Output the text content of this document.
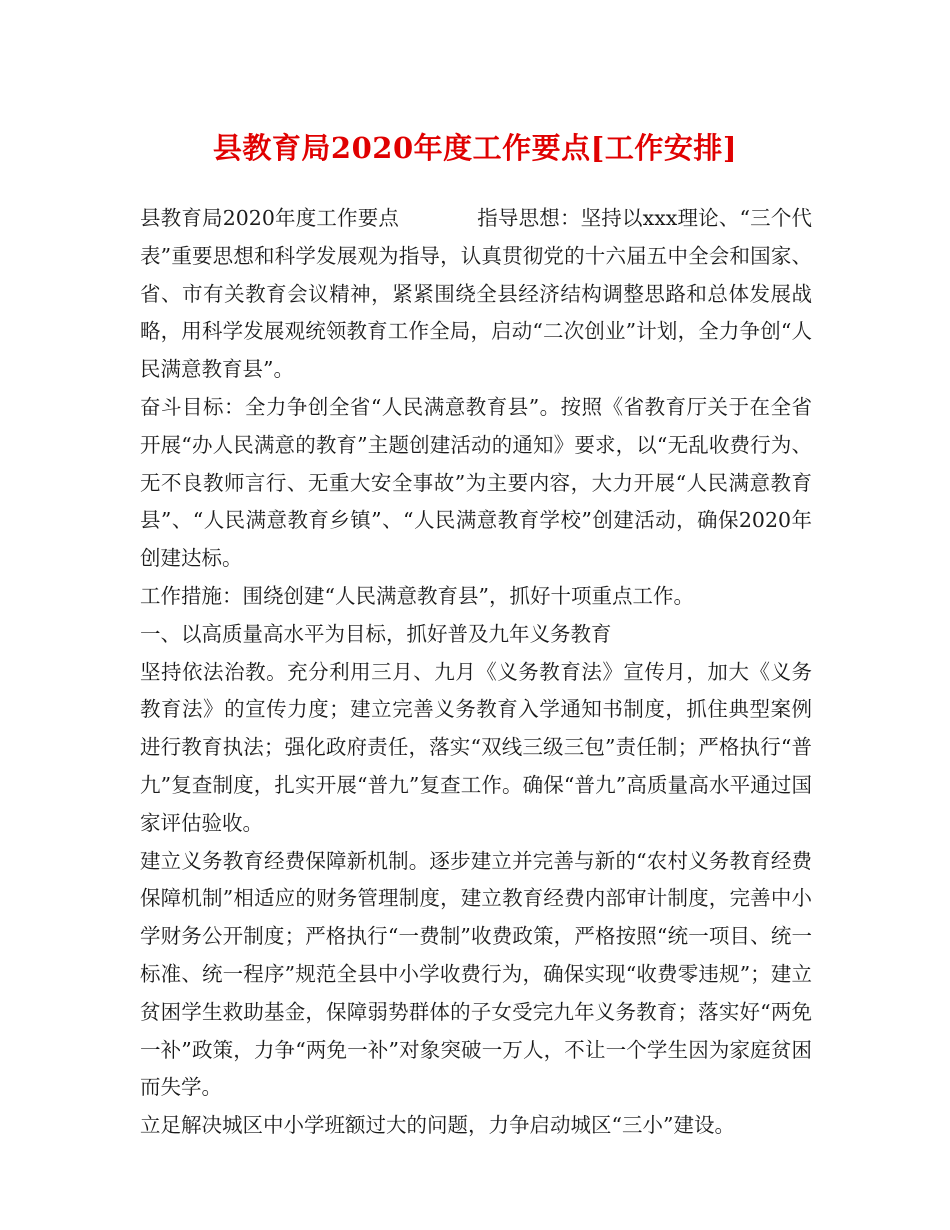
县教育局2020年度工作要点[工作安排]

县教育局2020年度工作要点	指导思想：坚持以xxx理论、“三个代表”重要思想和科学发展观为指导，认真贯彻党的十六届五中全会和国家、省、市有关教育会议精神，紧紧围绕全县经济结构调整思路和总体发展战略，用科学发展观统领教育工作全局，启动“二次创业”计划，全力争创“人民满意教育县”。

奋斗目标：全力争创全省“人民满意教育县”。按照《省教育厅关于在全省开展“办人民满意的教育”主题创建活动的通知》要求，以“无乱收费行为、无不良教师言行、无重大安全事故”为主要内容，大力开展“人民满意教育县”、“人民满意教育乡镇”、“人民满意教育学校”创建活动，确保2020年创建达标。

工作措施：围绕创建“人民满意教育县”，抓好十项重点工作。

一、以高质量高水平为目标，抓好普及九年义务教育

坚持依法治教。充分利用三月、九月《义务教育法》宣传月，加大《义务教育法》的宣传力度；建立完善义务教育入学通知书制度，抓住典型案例进行教育执法；强化政府责任，落实“双线三级三包”责任制；严格执行“普九”复查制度，扎实开展“普九”复查工作。确保“普九”高质量高水平通过国家评估验收。

建立义务教育经费保障新机制。逐步建立并完善与新的“农村义务教育经费保障机制”相适应的财务管理制度，建立教育经费内部审计制度，完善中小学财务公开制度；严格执行“一费制”收费政策，严格按照“统一项目、统一标准、统一程序”规范全县中小学收费行为，确保实现“收费零违规”；建立贫困学生救助基金，保障弱势群体的子女受完九年义务教育；落实好“两免一补”政策，力争“两免一补”对象突破一万人，不让一个学生因为家庭贫困而失学。

立足解决城区中小学班额过大的问题，力争启动城区“三小”建设。
